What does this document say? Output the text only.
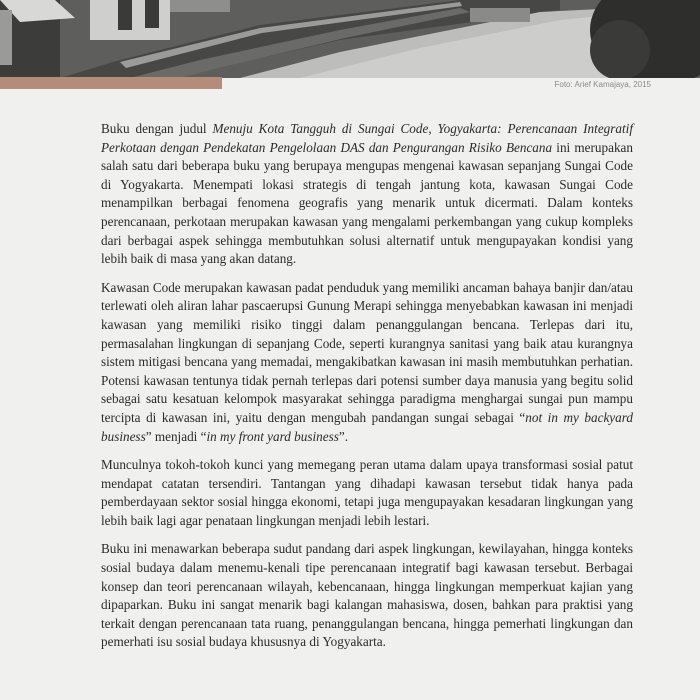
Foto: Arief Kamajaya, 2015

Buku dengan judul Menuju Kota Tangguh di Sungai Code, Yogyakarta: Perencanaan Integratif Perkotaan dengan Pendekatan Pengelolaan DAS dan Pengurangan Risiko Bencana ini merupakan salah satu dari beberapa buku yang berupaya mengupas mengenai kawasan sepanjang Sungai Code di Yogyakarta. Menempati lokasi strategis di tengah jantung kota, kawasan Sungai Code menampilkan berbagai fenomena geografis yang menarik untuk dicermati. Dalam konteks perencanaan, perkotaan merupakan kawasan yang mengalami perkembangan yang cukup kompleks dari berbagai aspek sehingga membutuhkan solusi alternatif untuk mengupayakan kondisi yang lebih baik di masa yang akan datang.

Kawasan Code merupakan kawasan padat penduduk yang memiliki ancaman bahaya banjir dan/atau terlewati oleh aliran lahar pascaerupsi Gunung Merapi sehingga menyebabkan kawasan ini menjadi kawasan yang memiliki risiko tinggi dalam penanggulangan bencana. Terlepas dari itu, permasalahan lingkungan di sepanjang Code, seperti kurangnya sanitasi yang baik atau kurangnya sistem mitigasi bencana yang memadai, mengakibatkan kawasan ini masih membutuhkan perhatian. Potensi kawasan tentunya tidak pernah terlepas dari potensi sumber daya manusia yang begitu solid sebagai satu kesatuan kelompok masyarakat sehingga paradigma menghargai sungai pun mampu tercipta di kawasan ini, yaitu dengan mengubah pandangan sungai sebagai “not in my backyard business” menjadi “in my front yard business”.

Munculnya tokoh-tokoh kunci yang memegang peran utama dalam upaya transformasi sosial patut mendapat catatan tersendiri. Tantangan yang dihadapi kawasan tersebut tidak hanya pada pemberdayaan sektor sosial hingga ekonomi, tetapi juga mengupayakan kesadaran lingkungan yang lebih baik lagi agar penataan lingkungan menjadi lebih lestari.

Buku ini menawarkan beberapa sudut pandang dari aspek lingkungan, kewilayahan, hingga konteks sosial budaya dalam menemu-kenali tipe perencanaan integratif bagi kawasan tersebut. Berbagai konsep dan teori perencanaan wilayah, kebencanaan, hingga lingkungan memperkuat kajian yang dipaparkan. Buku ini sangat menarik bagi kalangan mahasiswa, dosen, bahkan para praktisi yang terkait dengan perencanaan tata ruang, penanggulangan bencana, hingga pemerhati lingkungan dan pemerhati isu sosial budaya khususnya di Yogyakarta.
